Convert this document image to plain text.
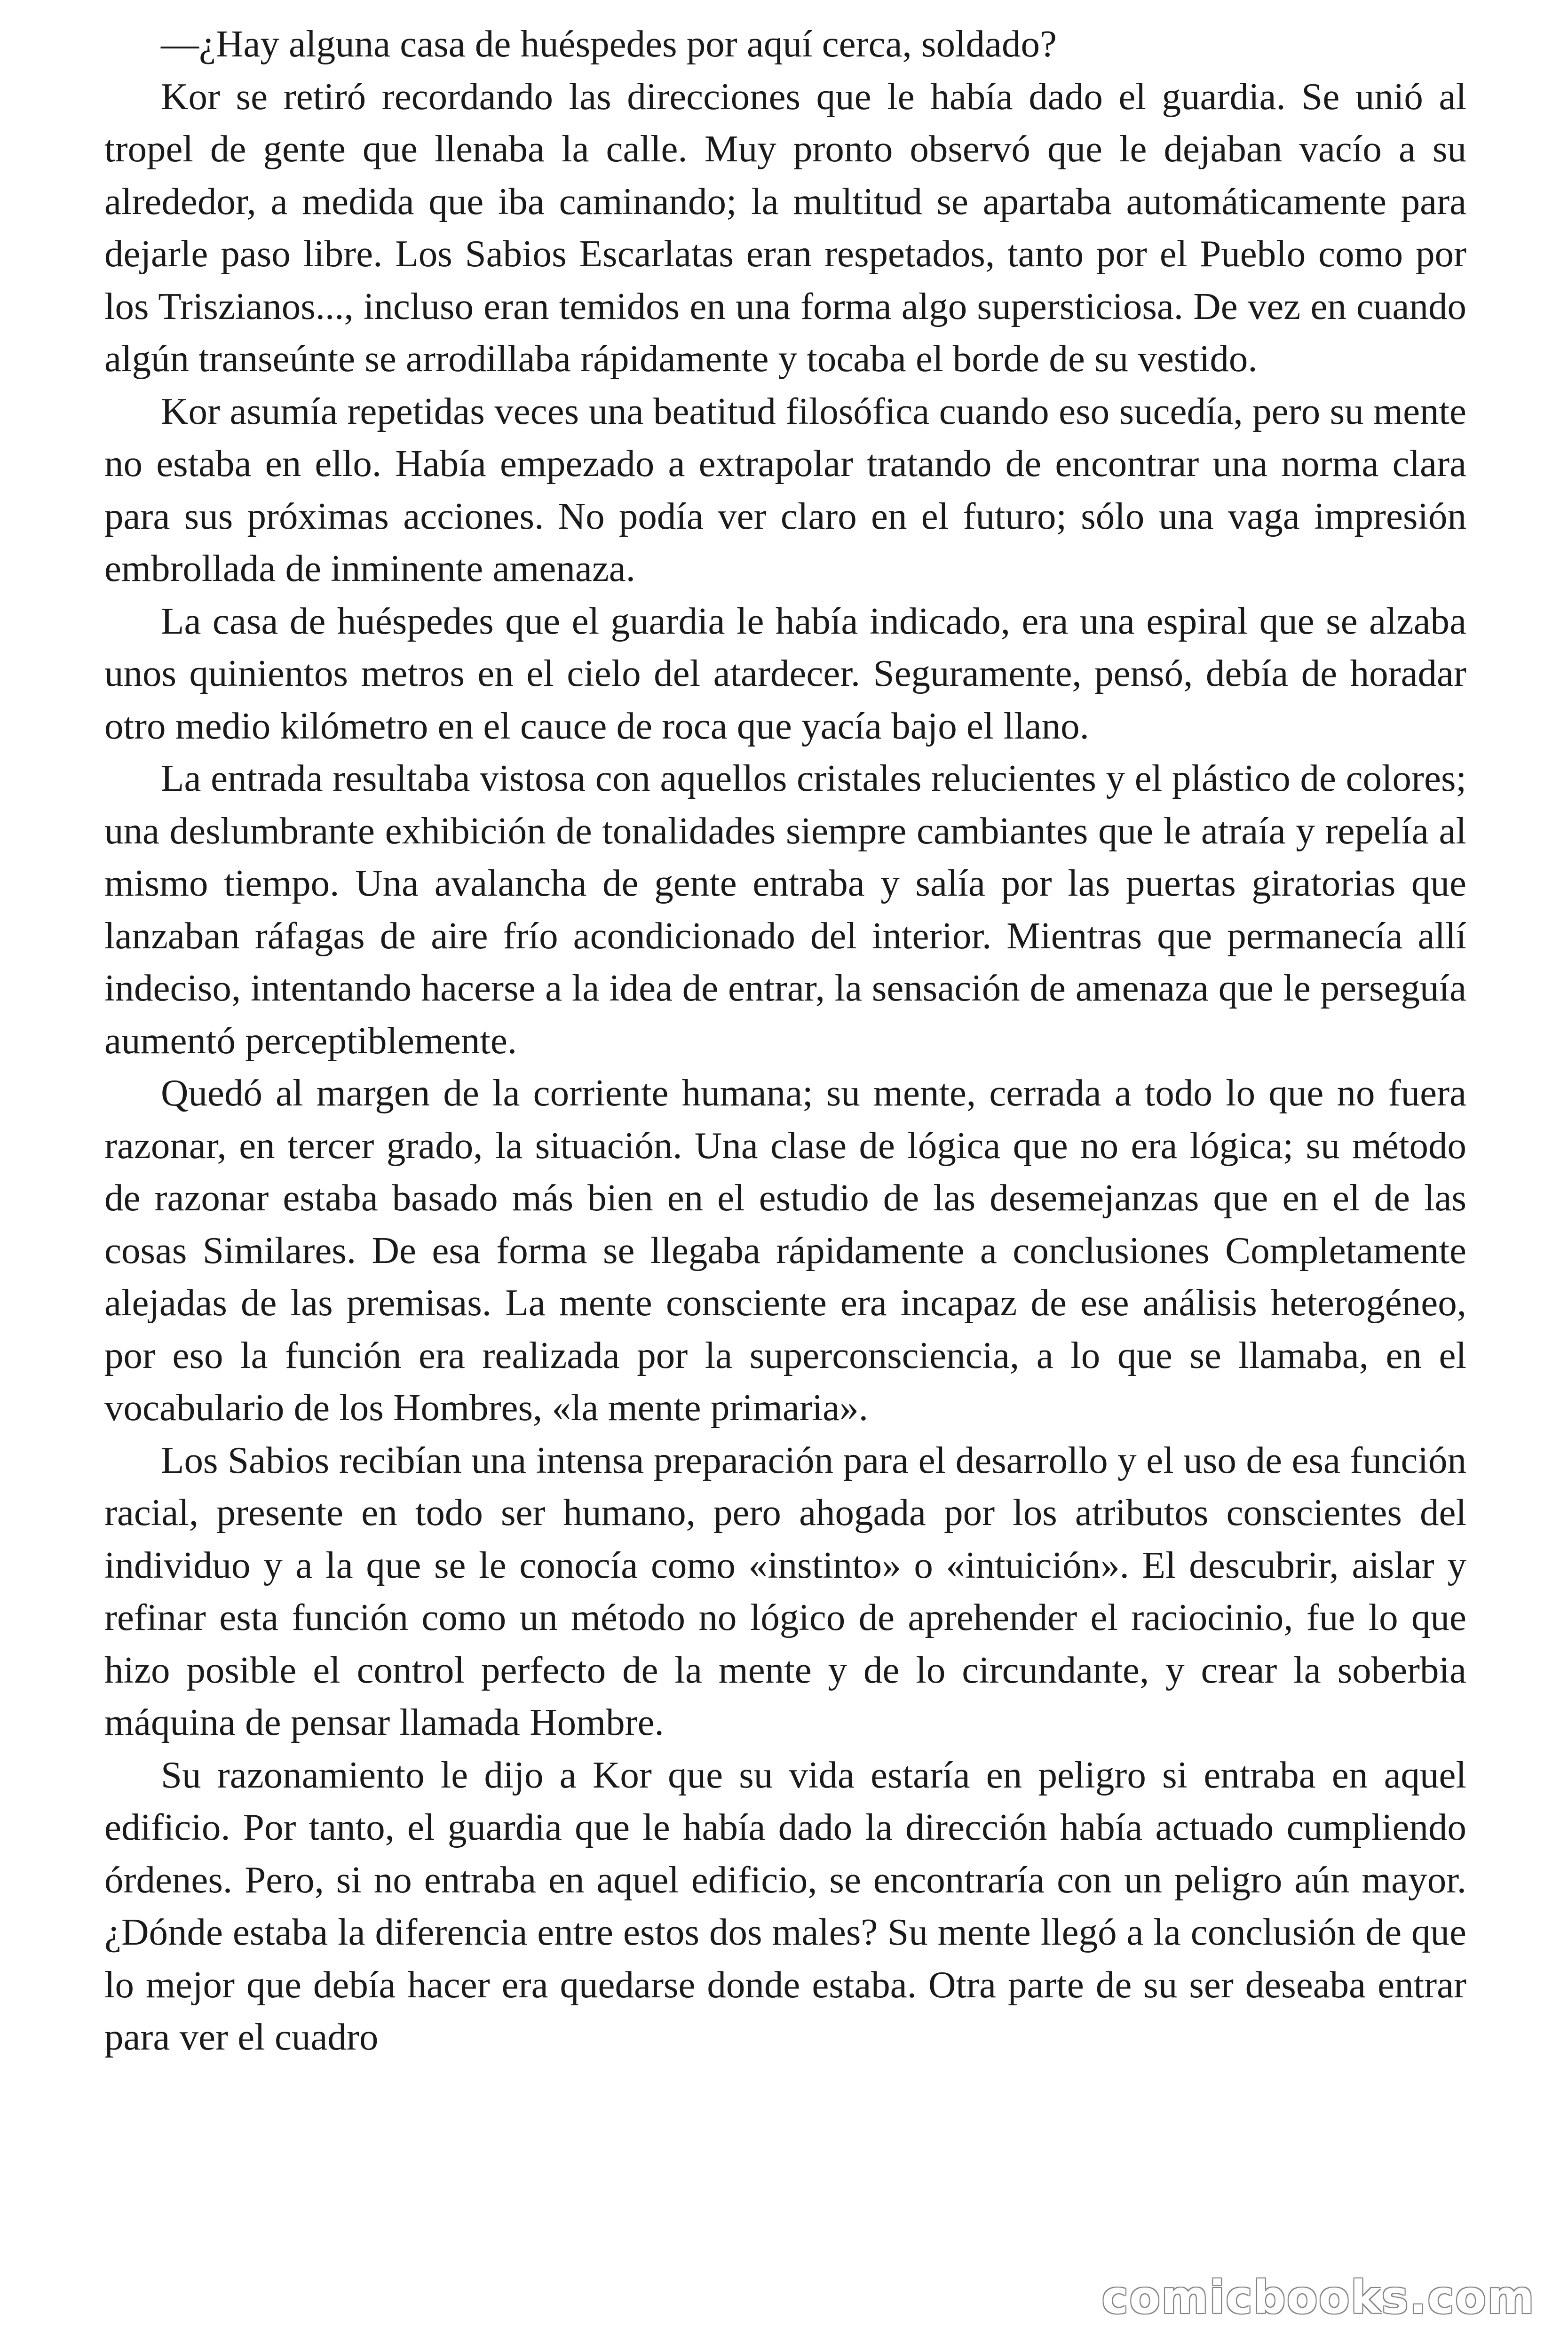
—¿Hay alguna casa de huéspedes por aquí cerca, soldado?

Kor se retiró recordando las direcciones que le había dado el guardia. Se unió al tropel de gente que llenaba la calle. Muy pronto observó que le dejaban vacío a su alrededor, a medida que iba caminando; la multitud se apartaba automáticamente para dejarle paso libre. Los Sabios Escarlatas eran respetados, tanto por el Pueblo como por los Triszianos..., incluso eran temidos en una forma algo supersticiosa. De vez en cuando algún transeúnte se arrodillaba rápidamente y tocaba el borde de su vestido.

Kor asumía repetidas veces una beatitud filosófica cuando eso sucedía, pero su mente no estaba en ello. Había empezado a extrapolar tratando de encontrar una norma clara para sus próximas acciones. No podía ver claro en el futuro; sólo una vaga impresión embrollada de inminente amenaza.

La casa de huéspedes que el guardia le había indicado, era una espiral que se alzaba unos quinientos metros en el cielo del atardecer. Seguramente, pensó, debía de horadar otro medio kilómetro en el cauce de roca que yacía bajo el llano.

La entrada resultaba vistosa con aquellos cristales relucientes y el plástico de colores; una deslumbrante exhibición de tonalidades siempre cambiantes que le atraía y repelía al mismo tiempo. Una avalancha de gente entraba y salía por las puertas giratorias que lanzaban ráfagas de aire frío acondicionado del interior. Mientras que permanecía allí indeciso, intentando hacerse a la idea de entrar, la sensación de amenaza que le perseguía aumentó perceptiblemente.

Quedó al margen de la corriente humana; su mente, cerrada a todo lo que no fuera razonar, en tercer grado, la situación. Una clase de lógica que no era lógica; su método de razonar estaba basado más bien en el estudio de las desemejanzas que en el de las cosas Similares. De esa forma se llegaba rápidamente a conclusiones Completamente alejadas de las premisas. La mente consciente era incapaz de ese análisis heterogéneo, por eso la función era realizada por la superconsciencia, a lo que se llamaba, en el vocabulario de los Hombres, «la mente primaria».

Los Sabios recibían una intensa preparación para el desarrollo y el uso de esa función racial, presente en todo ser humano, pero ahogada por los atributos conscientes del individuo y a la que se le conocía como «instinto» o «intuición». El descubrir, aislar y refinar esta función como un método no lógico de aprehender el raciocinio, fue lo que hizo posible el control perfecto de la mente y de lo circundante, y crear la soberbia máquina de pensar llamada Hombre.

Su razonamiento le dijo a Kor que su vida estaría en peligro si entraba en aquel edificio. Por tanto, el guardia que le había dado la dirección había actuado cumpliendo órdenes. Pero, si no entraba en aquel edificio, se encontraría con un peligro aún mayor. ¿Dónde estaba la diferencia entre estos dos males? Su mente llegó a la conclusión de que lo mejor que debía hacer era quedarse donde estaba. Otra parte de su ser deseaba entrar para ver el cuadro

comicbooks.com
